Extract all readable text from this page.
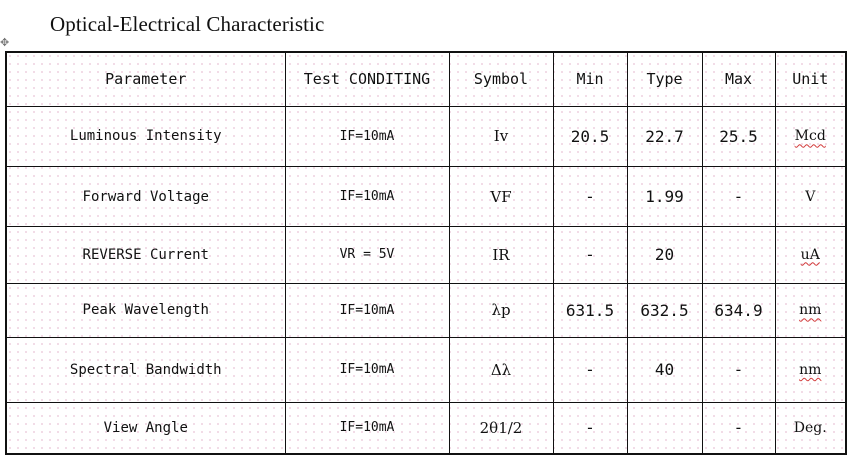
Optical-Electrical Characteristic
✥
Parameter	Test CONDITING	Symbol	Min	Type	Max	Unit
Luminous Intensity	IF=10mA	Iv	20.5	22.7	25.5	Mcd
Forward Voltage	IF=10mA	VF	-	1.99	-	V
REVERSE Current	VR = 5V	IR	-	20		uA
Peak Wavelength	IF=10mA	λp	631.5	632.5	634.9	nm
Spectral Bandwidth	IF=10mA	Δλ	-	40	-	nm
View Angle	IF=10mA	2θ1/2	-		-	Deg.
